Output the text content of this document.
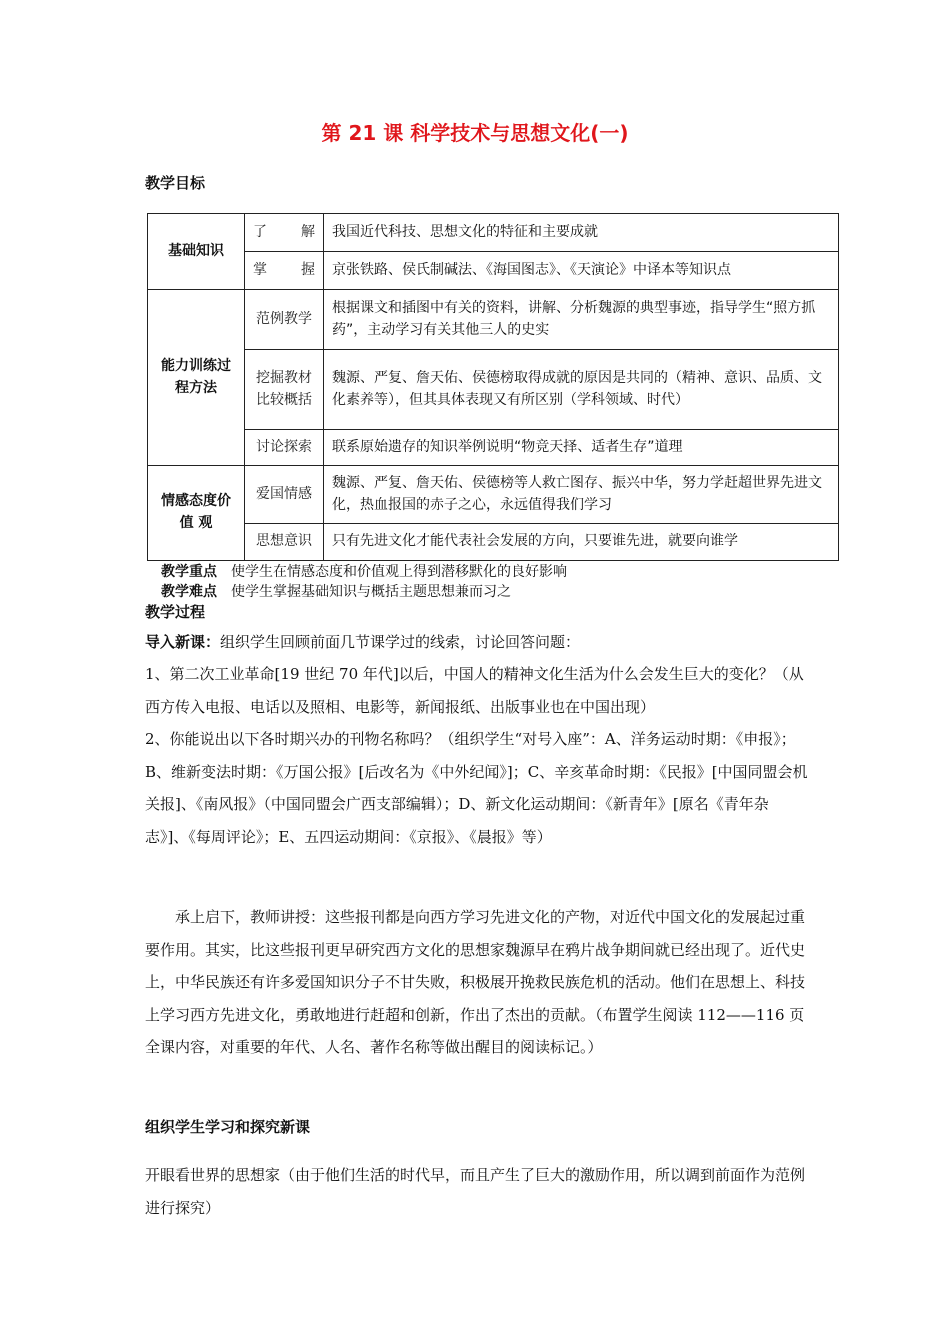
第 21 课 科学技术与思想文化(一)
教学目标
基础知识	了　　解	我国近代科技、思想文化的特征和主要成就
	掌　　握	京张铁路、侯氏制碱法、《海国图志》、《天演论》中译本等知识点
能力训练过程方法	范例教学	根据课文和插图中有关的资料，讲解、分析魏源的典型事迹，指导学生“照方抓药”，主动学习有关其他三人的史实
	挖掘教材比较概括	魏源、严复、詹天佑、侯德榜取得成就的原因是共同的（精神、意识、品质、文化素养等），但其具体表现又有所区别（学科领域、时代）
	讨论探索	联系原始遗存的知识举例说明“物竞天择、适者生存”道理
情感态度价 值 观	爱国情感	魏源、严复、詹天佑、侯德榜等人救亡图存、振兴中华，努力学赶超世界先进文化，热血报国的赤子之心，永远值得我们学习
	思想意识	只有先进文化才能代表社会发展的方向，只要谁先进，就要向谁学
教学重点 使学生在情感态度和价值观上得到潜移默化的良好影响
教学难点 使学生掌握基础知识与概括主题思想兼而习之
教学过程
导入新课：组织学生回顾前面几节课学过的线索，讨论回答问题：
1、第二次工业革命[19 世纪 70 年代]以后，中国人的精神文化生活为什么会发生巨大的变化？（从西方传入电报、电话以及照相、电影等，新闻报纸、出版事业也在中国出现）
2、你能说出以下各时期兴办的刊物名称吗？（组织学生“对号入座”：A、洋务运动时期：《申报》；B、维新变法时期：《万国公报》[后改名为《中外纪闻》]；C、辛亥革命时期：《民报》[中国同盟会机关报]、《南风报》（中国同盟会广西支部编辑）；D、新文化运动期间：《新青年》[原名《青年杂志》]、《每周评论》；E、五四运动期间：《京报》、《晨报》等）
承上启下，教师讲授：这些报刊都是向西方学习先进文化的产物，对近代中国文化的发展起过重要作用。其实，比这些报刊更早研究西方文化的思想家魏源早在鸦片战争期间就已经出现了。近代史上，中华民族还有许多爱国知识分子不甘失败，积极展开挽救民族危机的活动。他们在思想上、科技上学习西方先进文化，勇敢地进行赶超和创新，作出了杰出的贡献。（布置学生阅读 112——116 页全课内容，对重要的年代、人名、著作名称等做出醒目的阅读标记。）
组织学生学习和探究新课
开眼看世界的思想家（由于他们生活的时代早，而且产生了巨大的激励作用，所以调到前面作为范例进行探究）
